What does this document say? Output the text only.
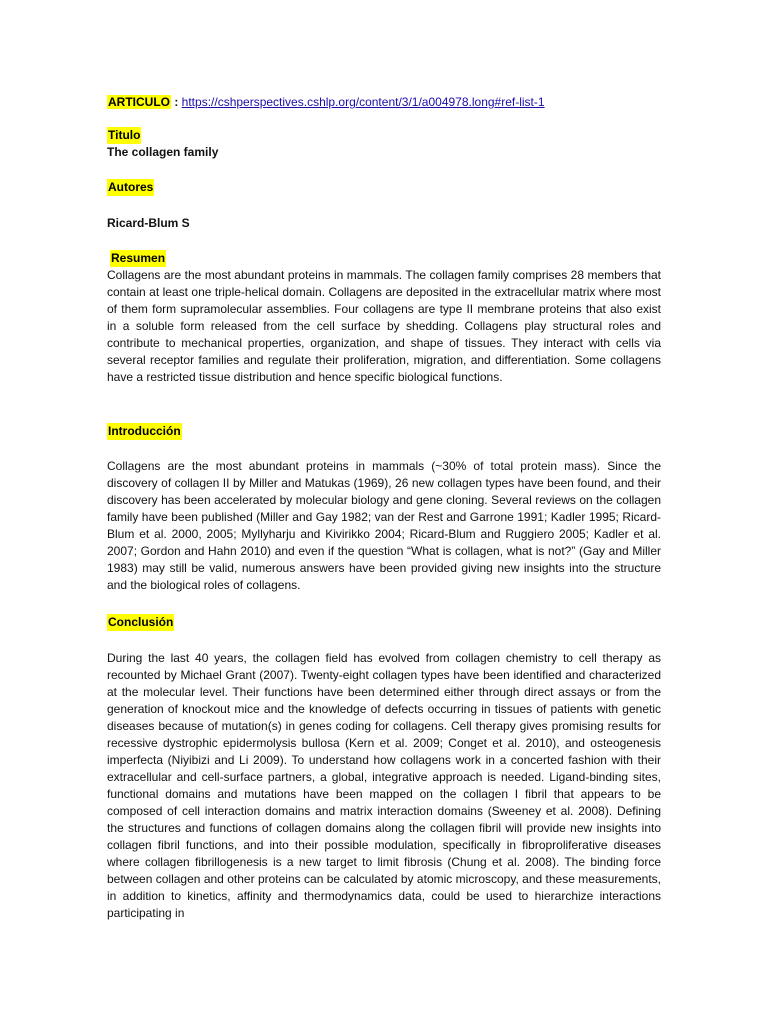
ARTICULO : https://cshperspectives.cshlp.org/content/3/1/a004978.long#ref-list-1
Titulo
The collagen family
Autores
Ricard-Blum S
Resumen

Collagens are the most abundant proteins in mammals. The collagen family comprises 28 members that contain at least one triple-helical domain. Collagens are deposited in the extracellular matrix where most of them form supramolecular assemblies. Four collagens are type II membrane proteins that also exist in a soluble form released from the cell surface by shedding. Collagens play structural roles and contribute to mechanical properties, organization, and shape of tissues. They interact with cells via several receptor families and regulate their proliferation, migration, and differentiation. Some collagens have a restricted tissue distribution and hence specific biological functions.

Introducción

Collagens are the most abundant proteins in mammals (~30% of total protein mass). Since the discovery of collagen II by Miller and Matukas (1969), 26 new collagen types have been found, and their discovery has been accelerated by molecular biology and gene cloning. Several reviews on the collagen family have been published (Miller and Gay 1982; van der Rest and Garrone 1991; Kadler 1995; Ricard-Blum et al. 2000, 2005; Myllyharju and Kivirikko 2004; Ricard-Blum and Ruggiero 2005; Kadler et al. 2007; Gordon and Hahn 2010) and even if the question “What is collagen, what is not?” (Gay and Miller 1983) may still be valid, numerous answers have been provided giving new insights into the structure and the biological roles of collagens.

Conclusión

During the last 40 years, the collagen field has evolved from collagen chemistry to cell therapy as recounted by Michael Grant (2007). Twenty-eight collagen types have been identified and characterized at the molecular level. Their functions have been determined either through direct assays or from the generation of knockout mice and the knowledge of defects occurring in tissues of patients with genetic diseases because of mutation(s) in genes coding for collagens. Cell therapy gives promising results for recessive dystrophic epidermolysis bullosa (Kern et al. 2009; Conget et al. 2010), and osteogenesis imperfecta (Niyibizi and Li 2009). To understand how collagens work in a concerted fashion with their extracellular and cell-surface partners, a global, integrative approach is needed. Ligand-binding sites, functional domains and mutations have been mapped on the collagen I fibril that appears to be composed of cell interaction domains and matrix interaction domains (Sweeney et al. 2008). Defining the structures and functions of collagen domains along the collagen fibril will provide new insights into collagen fibril functions, and into their possible modulation, specifically in fibroproliferative diseases where collagen fibrillogenesis is a new target to limit fibrosis (Chung et al. 2008). The binding force between collagen and other proteins can be calculated by atomic microscopy, and these measurements, in addition to kinetics, affinity and thermodynamics data, could be used to hierarchize interactions participating in
